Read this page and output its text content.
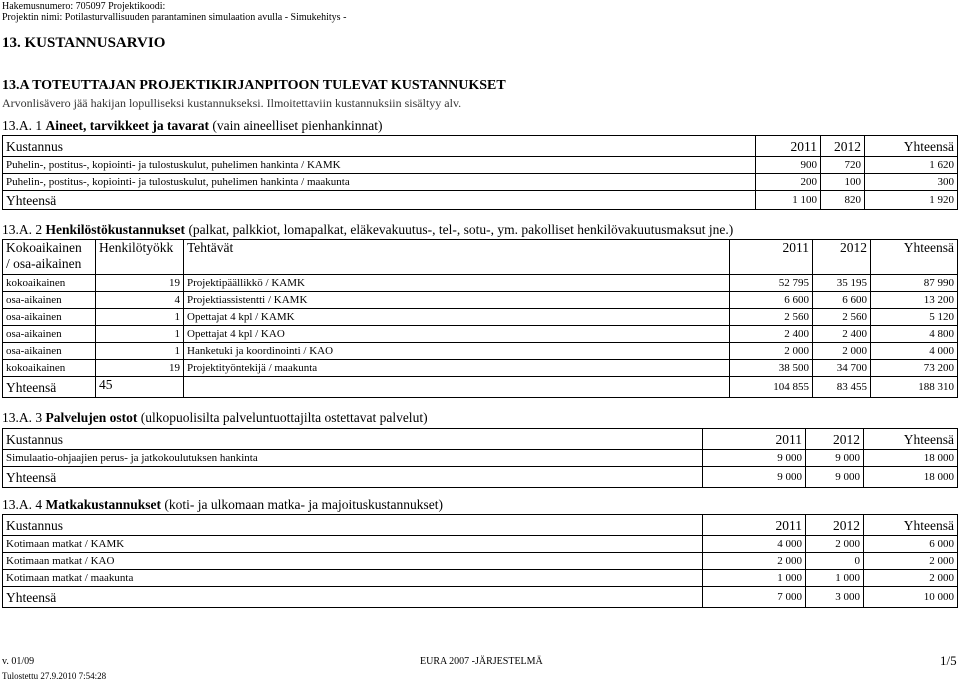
Hakemusnumero: 705097 Projektikoodi:
Projektin nimi: Potilasturvallisuuden parantaminen simulaation avulla - Simukehitys -
13. KUSTANNUSARVIO
13.A TOTEUTTAJAN PROJEKTIKIRJANPITOON TULEVAT KUSTANNUKSET
Arvonlisävero jää hakijan lopulliseksi kustannukseksi. Ilmoitettaviin kustannuksiin sisältyy alv.
13.A. 1 Aineet, tarvikkeet ja tavarat (vain aineelliset pienhankinnat)
Kustannus	2011	2012	Yhteensä
Puhelin-, postitus-, kopiointi- ja tulostuskulut, puhelimen hankinta / KAMK	900	720	1 620
Puhelin-, postitus-, kopiointi- ja tulostuskulut, puhelimen hankinta / maakunta	200	100	300
Yhteensä	1 100	820	1 920
13.A. 2 Henkilöstökustannukset (palkat, palkkiot, lomapalkat, eläkevakuutus-, tel-, sotu-, ym. pakolliset henkilövakuutusmaksut jne.)
Kokoaikainen
/ osa-aikainen	Henkilötyökk	Tehtävät	2011	2012	Yhteensä
kokoaikainen	19	Projektipäällikkö / KAMK	52 795	35 195	87 990
osa-aikainen	4	Projektiassistentti / KAMK	6 600	6 600	13 200
osa-aikainen	1	Opettajat 4 kpl / KAMK	2 560	2 560	5 120
osa-aikainen	1	Opettajat 4 kpl / KAO	2 400	2 400	4 800
osa-aikainen	1	Hanketuki ja koordinointi / KAO	2 000	2 000	4 000
kokoaikainen	19	Projektityöntekijä / maakunta	38 500	34 700	73 200
Yhteensä	45		104 855	83 455	188 310
13.A. 3 Palvelujen ostot (ulkopuolisilta palveluntuottajilta ostettavat palvelut)
Kustannus	2011	2012	Yhteensä
Simulaatio-ohjaajien perus- ja jatkokoulutuksen hankinta	9 000	9 000	18 000
Yhteensä	9 000	9 000	18 000
13.A. 4 Matkakustannukset (koti- ja ulkomaan matka- ja majoituskustannukset)
Kustannus	2011	2012	Yhteensä
Kotimaan matkat / KAMK	4 000	2 000	6 000
Kotimaan matkat / KAO	2 000	0	2 000
Kotimaan matkat / maakunta	1 000	1 000	2 000
Yhteensä	7 000	3 000	10 000
v. 01/09	EURA 2007 -JÄRJESTELMÄ	1/5
Tulostettu 27.9.2010 7:54:28
